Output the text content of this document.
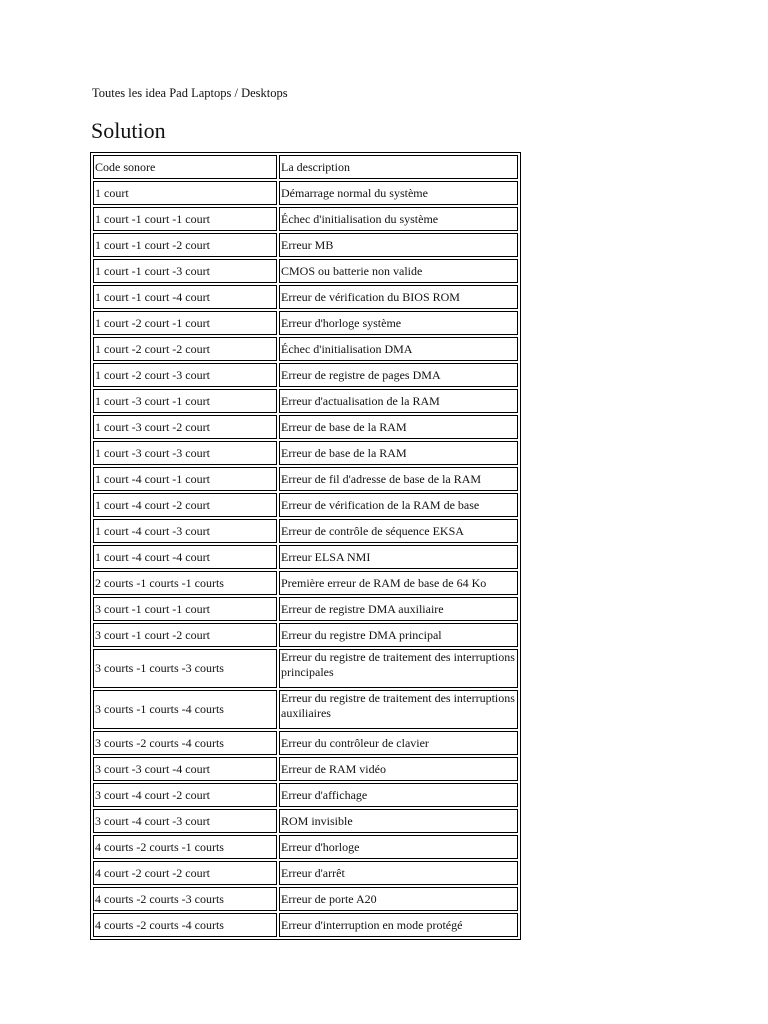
Toutes les idea Pad Laptops / Desktops
Solution
Code sonore	La description
1 court	Démarrage normal du système
1 court -1 court -1 court	Échec d'initialisation du système
1 court -1 court -2 court	Erreur MB
1 court -1 court -3 court	CMOS ou batterie non valide
1 court -1 court -4 court	Erreur de vérification du BIOS ROM
1 court -2 court -1 court	Erreur d'horloge système
1 court -2 court -2 court	Échec d'initialisation DMA
1 court -2 court -3 court	Erreur de registre de pages DMA
1 court -3 court -1 court	Erreur d'actualisation de la RAM
1 court -3 court -2 court	Erreur de base de la RAM
1 court -3 court -3 court	Erreur de base de la RAM
1 court -4 court -1 court	Erreur de fil d'adresse de base de la RAM
1 court -4 court -2 court	Erreur de vérification de la RAM de base
1 court -4 court -3 court	Erreur de contrôle de séquence EKSA
1 court -4 court -4 court	Erreur ELSA NMI
2 courts -1 courts -1 courts	Première erreur de RAM de base de 64 Ko
3 court -1 court -1 court	Erreur de registre DMA auxiliaire
3 court -1 court -2 court	Erreur du registre DMA principal
3 courts -1 courts -3 courts	Erreur du registre de traitement des interruptions principales
3 courts -1 courts -4 courts	Erreur du registre de traitement des interruptions auxiliaires
3 courts -2 courts -4 courts	Erreur du contrôleur de clavier
3 court -3 court -4 court	Erreur de RAM vidéo
3 court -4 court -2 court	Erreur d'affichage
3 court -4 court -3 court	ROM invisible
4 courts -2 courts -1 courts	Erreur d'horloge
4 court -2 court -2 court	Erreur d'arrêt
4 courts -2 courts -3 courts	Erreur de porte A20
4 courts -2 courts -4 courts	Erreur d'interruption en mode protégé
